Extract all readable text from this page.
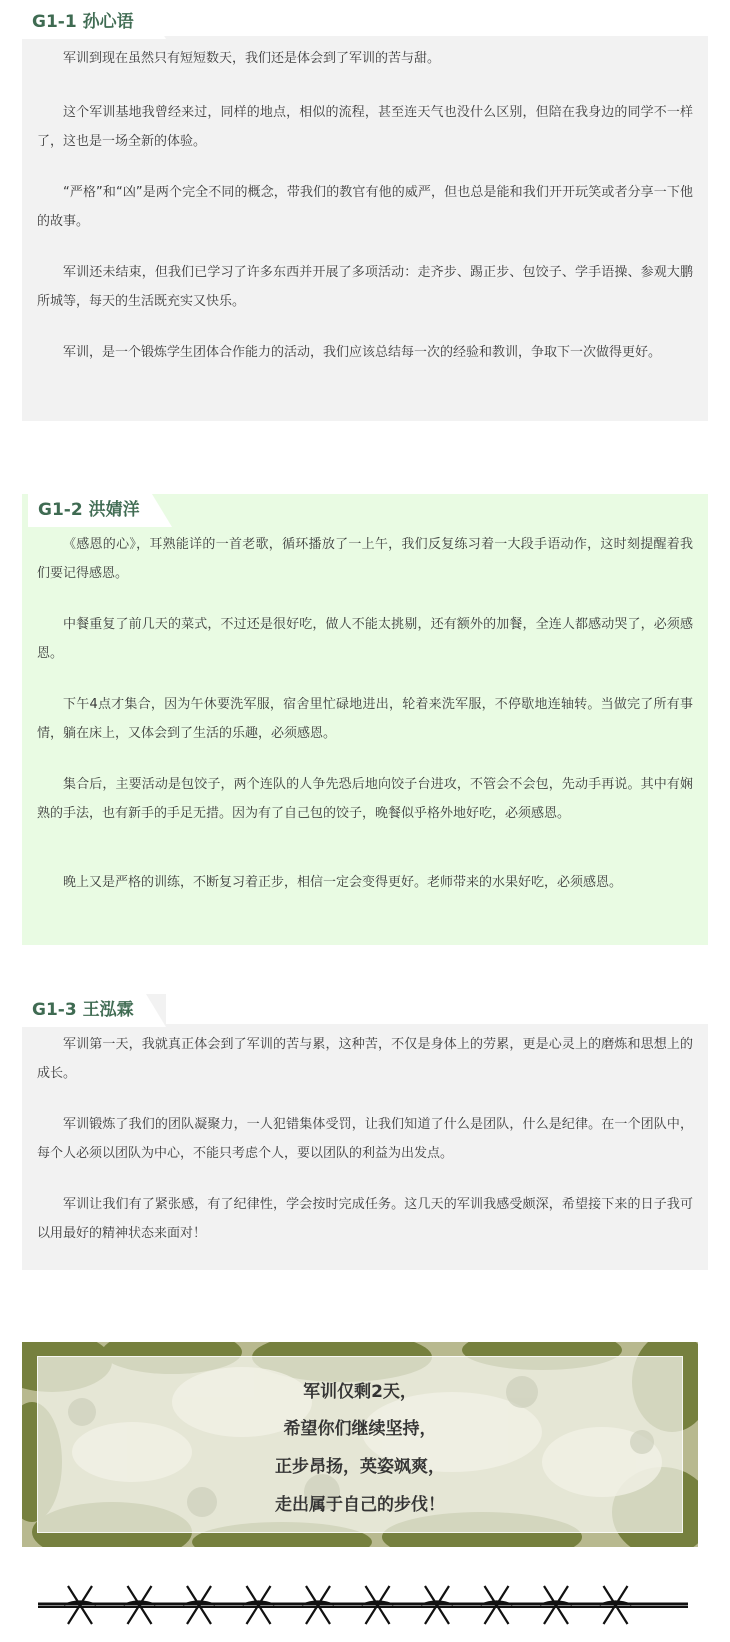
军训到现在虽然只有短短数天，我们还是体会到了军训的苦与甜。

这个军训基地我曾经来过，同样的地点，相似的流程，甚至连天气也没什么区别，但陪在我身边的同学不一样了，这也是一场全新的体验。

“严格”和“凶”是两个完全不同的概念，带我们的教官有他的威严，但也总是能和我们开开玩笑或者分享一下他的故事。

军训还未结束，但我们已学习了许多东西并开展了多项活动：走齐步、踢正步、包饺子、学手语操、参观大鹏所城等，每天的生活既充实又快乐。

军训，是一个锻炼学生团体合作能力的活动，我们应该总结每一次的经验和教训，争取下一次做得更好。

G1-1 孙心语

《感恩的心》，耳熟能详的一首老歌，循环播放了一上午，我们反复练习着一大段手语动作，这时刻提醒着我们要记得感恩。

中餐重复了前几天的菜式，不过还是很好吃，做人不能太挑剔，还有额外的加餐，全连人都感动哭了，必须感恩。

下午4点才集合，因为午休要洗军服，宿舍里忙碌地进出，轮着来洗军服，不停歇地连轴转。当做完了所有事情，躺在床上，又体会到了生活的乐趣，必须感恩。

集合后，主要活动是包饺子，两个连队的人争先恐后地向饺子台进攻，不管会不会包，先动手再说。其中有娴熟的手法，也有新手的手足无措。因为有了自己包的饺子，晚餐似乎格外地好吃，必须感恩。

晚上又是严格的训练，不断复习着正步，相信一定会变得更好。老师带来的水果好吃，必须感恩。

G1-2 洪婧洋

军训第一天，我就真正体会到了军训的苦与累，这种苦，不仅是身体上的劳累，更是心灵上的磨炼和思想上的成长。

军训锻炼了我们的团队凝聚力，一人犯错集体受罚，让我们知道了什么是团队，什么是纪律。在一个团队中，每个人必须以团队为中心，不能只考虑个人，要以团队的利益为出发点。

军训让我们有了紧张感，有了纪律性，学会按时完成任务。这几天的军训我感受颇深，希望接下来的日子我可以用最好的精神状态来面对！

G1-3 王泓霖
军训仅剩2天，
希望你们继续坚持，
正步昂扬，英姿飒爽，
走出属于自己的步伐！
